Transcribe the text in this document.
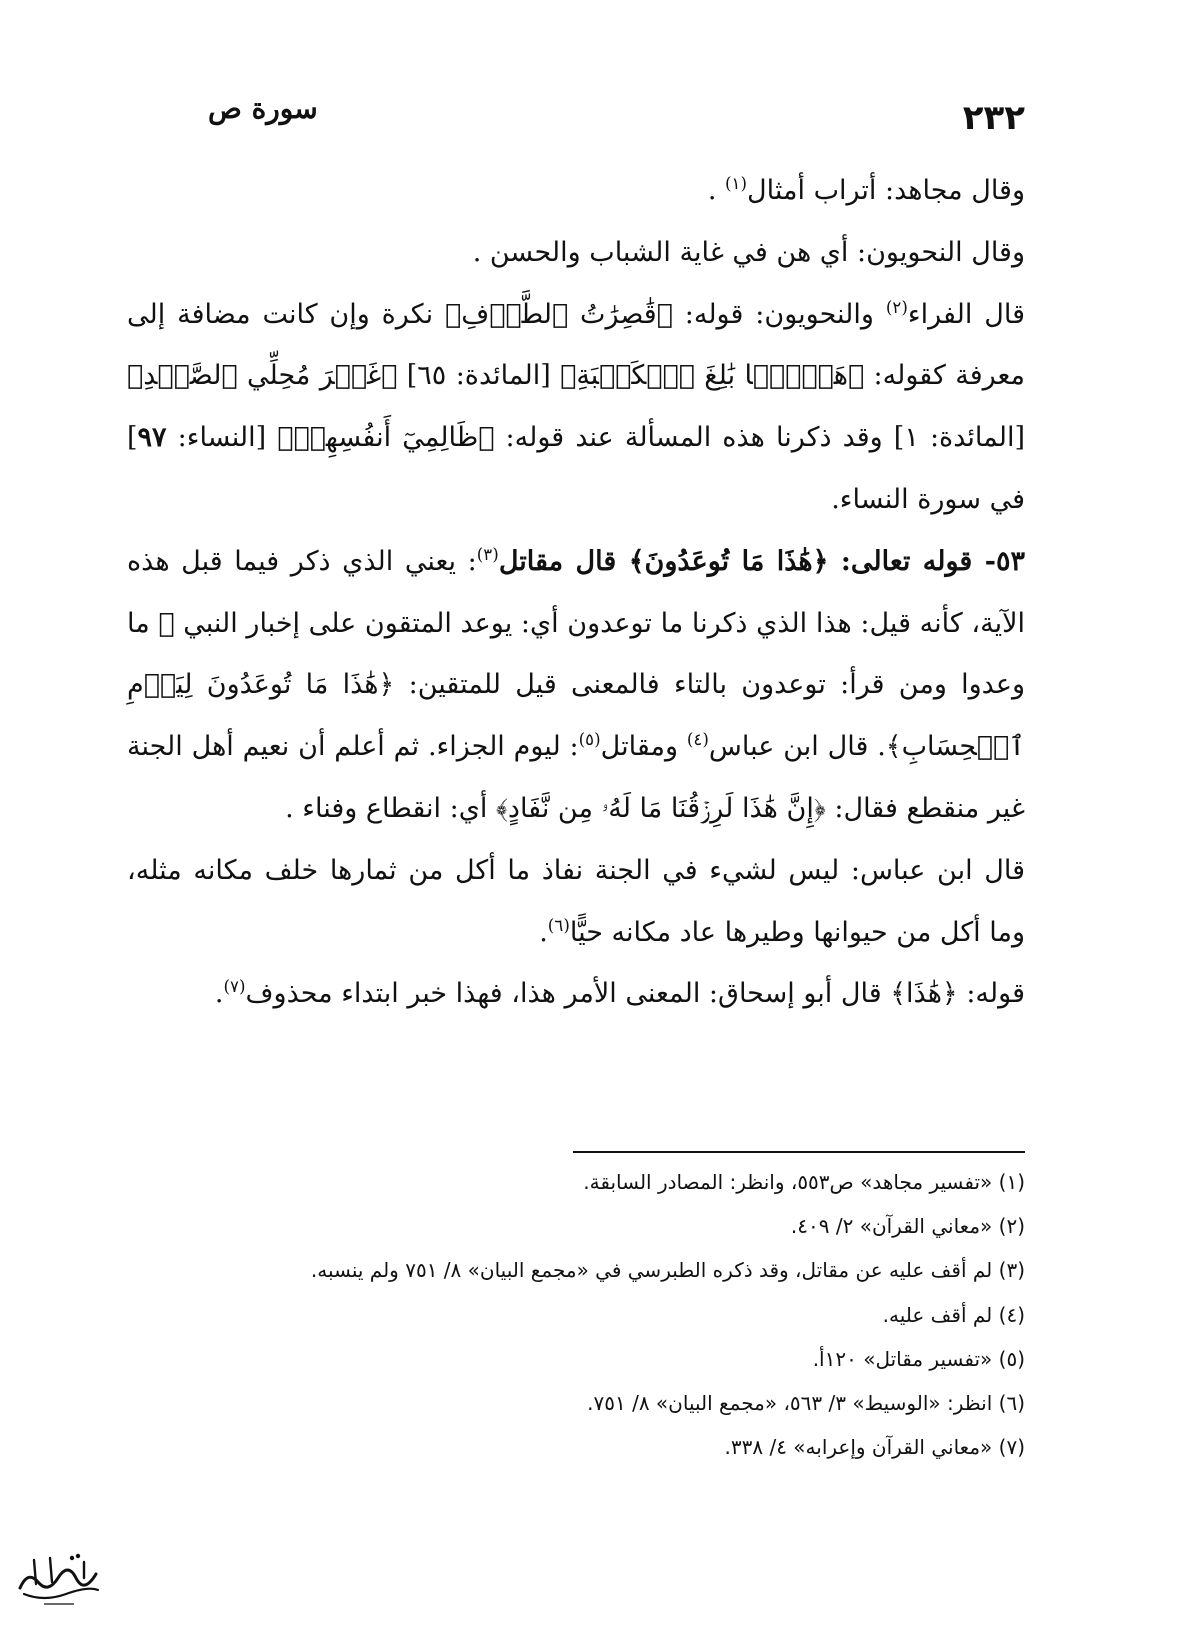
٢٣٢
سورة ص

وقال مجاهد: أتراب أمثال$^{(١)}$ .

وقال النحويون: أي هن في غاية الشباب والحسن .

قال الفراء$^{(٢)}$ والنحويون: قوله: ﴿قَٰصِرَٰتُ ٱلطَّرۡفِ﴾ نكرة وإن كانت مضافة إلى معرفة كقوله: ﴿هَدۡيَۢا بَٰلِغَ ٱلۡكَعۡبَةِ﴾ [المائدة: ٦٥] ﴿غَيۡرَ مُحِلِّي ٱلصَّيۡدِ﴾ [المائدة: ١] وقد ذكرنا هذه المسألة عند قوله: ﴿ظَالِمِيٓ أَنفُسِهِمۡ﴾ [النساء: ٩٧] في سورة النساء.

٥٣- قوله تعالى: ﴿هَٰذَا مَا تُوعَدُونَ﴾ قال مقاتل$^{(٣)}$: يعني الذي ذكر فيما قبل هذه الآية، كأنه قيل: هذا الذي ذكرنا ما توعدون أي: يوعد المتقون على إخبار النبي ﷺ ما وعدوا ومن قرأ: توعدون بالتاء فالمعنى قيل للمتقين: ﴿هَٰذَا مَا تُوعَدُونَ لِيَوۡمِ ٱلۡحِسَابِ﴾. قال ابن عباس$^{(٤)}$ ومقاتل$^{(٥)}$: ليوم الجزاء. ثم أعلم أن نعيم أهل الجنة غير منقطع فقال: ﴿إِنَّ هَٰذَا لَرِزۡقُنَا مَا لَهُۥ مِن نَّفَادٍ﴾ أي: انقطاع وفناء .

قال ابن عباس: ليس لشيء في الجنة نفاذ ما أكل من ثمارها خلف مكانه مثله، وما أكل من حيوانها وطيرها عاد مكانه حيًّا$^{(٦)}$.

قوله: ﴿هَٰذَا﴾ قال أبو إسحاق: المعنى الأمر هذا، فهذا خبر ابتداء محذوف$^{(٧)}$.

(١) «تفسير مجاهد» ص٥٥٣، وانظر: المصادر السابقة.
(٢) «معاني القرآن» ٢/ ٤٠٩.
(٣) لم أقف عليه عن مقاتل، وقد ذكره الطبرسي في «مجمع البيان» ٨/ ٧٥١ ولم ينسبه.
(٤) لم أقف عليه.
(٥) «تفسير مقاتل» ١٢٠أ.
(٦) انظر: «الوسيط» ٣/ ٥٦٣، «مجمع البيان» ٨/ ٧٥١.
(٧) «معاني القرآن وإعرابه» ٤/ ٣٣٨.
